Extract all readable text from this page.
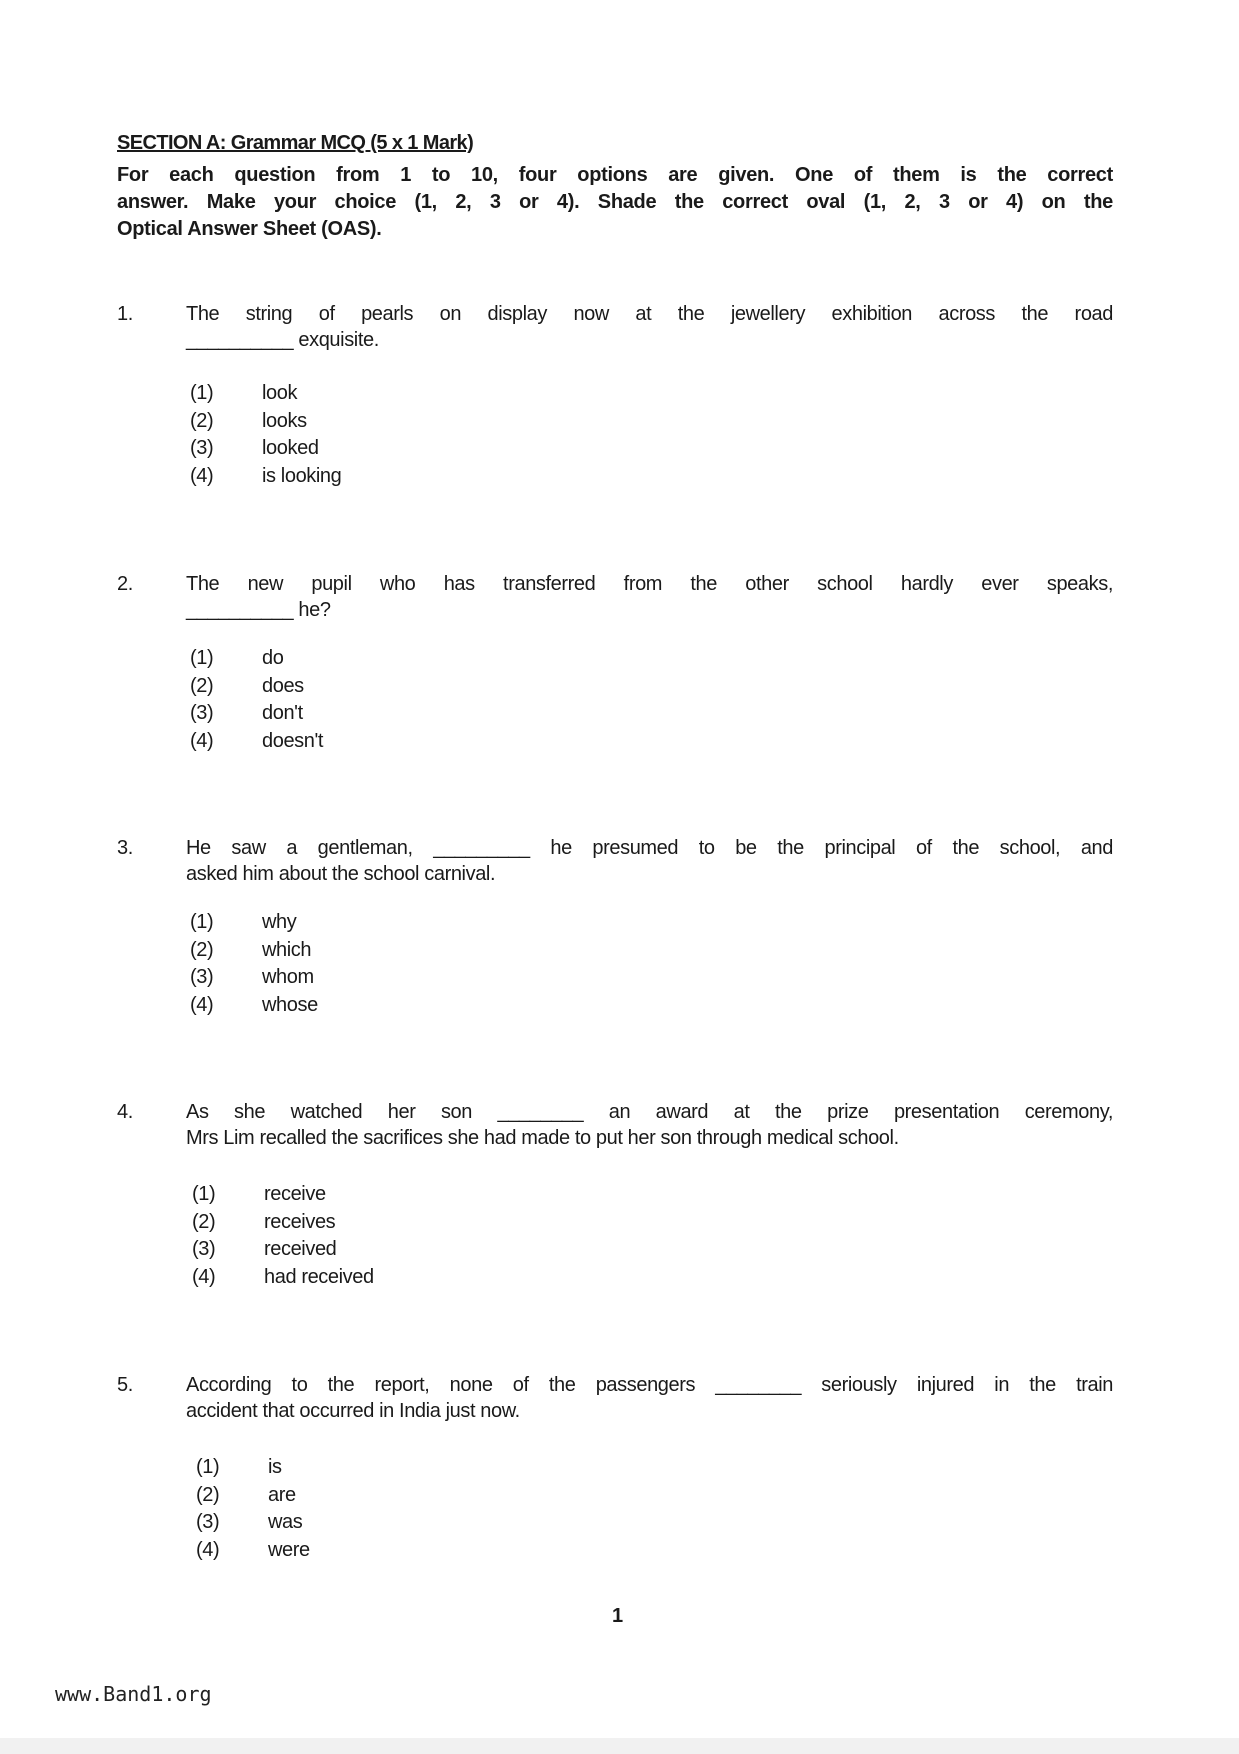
SECTION A: Grammar MCQ (5 x 1 Mark)
For each question from 1 to 10, four options are given. One of them is the correct
answer. Make your choice (1, 2, 3 or 4). Shade the correct oval (1, 2, 3 or 4) on the
Optical Answer Sheet (OAS).
1.	The string of pearls on display now at the jewellery exhibition across the road
__________ exquisite.
(1)	look
(2)	looks
(3)	looked
(4)	is looking
2.	The new pupil who has transferred from the other school hardly ever speaks,
__________ he?
(1)	do
(2)	does
(3)	don't
(4)	doesn't
3.	He saw a gentleman, _________ he presumed to be the principal of the school, and
asked him about the school carnival.
(1)	why
(2)	which
(3)	whom
(4)	whose
4.	As she watched her son ________ an award at the prize presentation ceremony,
Mrs Lim recalled the sacrifices she had made to put her son through medical school.
(1)	receive
(2)	receives
(3)	received
(4)	had received
5.	According to the report, none of the passengers ________ seriously injured in the train
accident that occurred in India just now.
(1)	is
(2)	are
(3)	was
(4)	were
1
www.Band1.org
